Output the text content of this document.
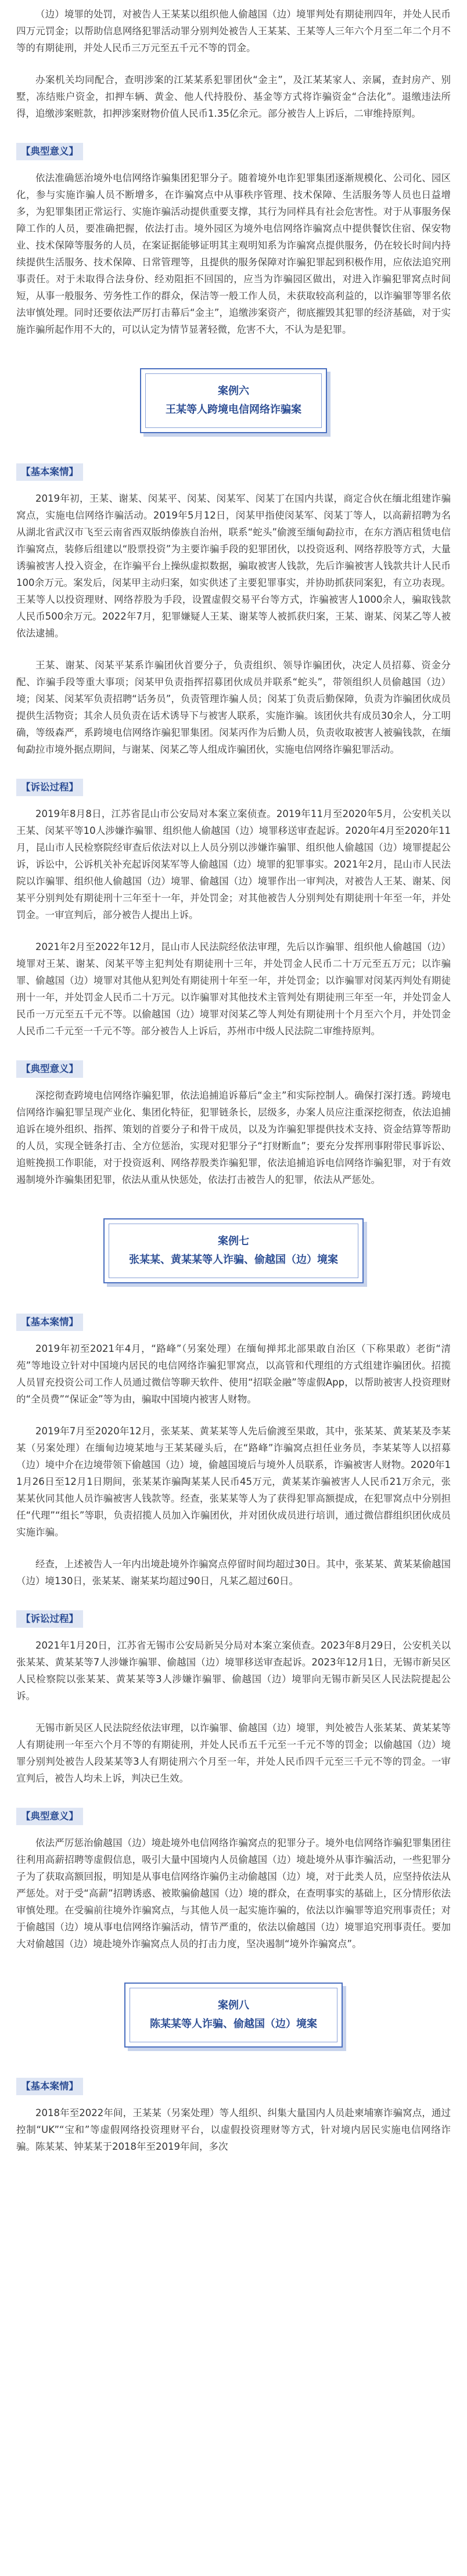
（边）境罪的处罚，对被告人王某某以组织他人偷越国（边）境罪判处有期徒刑四年，并处人民币四万元罚金；以帮助信息网络犯罪活动罪分别判处被告人王某某、王某等人三年六个月至二年二个月不等的有期徒刑，并处人民币三万元至五千元不等的罚金。

办案机关均同配合，查明涉案的江某某系犯罪团伙“金主”，及江某某家人、亲属，查封房产、别墅，冻结账户资金，扣押车辆、黄金、他人代持股份、基金等方式将诈骗资金“合法化”。退缴违法所得，追缴涉案赃款，扣押涉案财物价值人民币1.35亿余元。部分被告人上诉后，二审维持原判。

【典型意义】

依法准确惩治境外电信网络诈骗集团犯罪分子。随着境外电诈犯罪集团逐渐规模化、公司化、园区化，参与实施诈骗人员不断增多，在诈骗窝点中从事秩序管理、技术保障、生活服务等人员也日益增多，为犯罪集团正常运行、实施诈骗活动提供重要支撑，其行为同样具有社会危害性。对于从事服务保障工作的人员，要准确把握，依法打击。境外园区为境外电信网络诈骗窝点中提供餐饮住宿、保安物业、技术保障等服务的人员，在案证据能够证明其主观明知系为诈骗窝点提供服务，仍在较长时间内持续提供生活服务、技术保障、日常管理等，且提供的服务保障对诈骗犯罪起到积极作用，应依法追究刑事责任。对于未取得合法身份、经劝阻拒不回国的，应当为诈骗园区做出，对进入诈骗犯罪窝点时间短，从事一般服务、劳务性工作的群众，保洁等一般工作人员，未获取较高利益的，以诈骗罪等罪名依法审慎处理。同时还要依法严厉打击幕后“金主”，追缴涉案资产，彻底摧毁其犯罪的经济基础，对于实施诈骗所起作用不大的，可以认定为情节显著轻微，危害不大，不认为是犯罪。

案例六
王某等人跨境电信网络诈骗案
【基本案情】

2019年初，王某、谢某、闵某平、闵某、闵某军、闵某丁在国内共谋，商定合伙在缅北组建诈骗窝点，实施电信网络诈骗活动。2019年5月12日，闵某甲指使闵某军、闵某丁等人，以高薪招聘为名从湖北省武汉市飞至云南省西双版纳傣族自治州，联系“蛇头”偷渡至缅甸勐拉市，在东方酒店租赁电信诈骗窝点，装修后组建以“股票投资”为主要诈骗手段的犯罪团伙，以投资返利、网络荐股等方式，大量诱骗被害人投入资金，在诈骗平台上操纵虚拟数据，骗取被害人钱款，先后诈骗被害人钱款共计人民币100余万元。案发后，闵某甲主动归案，如实供述了主要犯罪事实，并协助抓获同案犯，有立功表现。王某等人以投资理财、网络荐股为手段，设置虚假交易平台等方式，诈骗被害人1000余人，骗取钱款人民币500余万元。2022年7月，犯罪嫌疑人王某、谢某等人被抓获归案，王某、谢某、闵某乙等人被依法逮捕。

王某、谢某、闵某平某系诈骗团伙首要分子，负责组织、领导诈骗团伙，决定人员招募、资金分配、诈骗手段等重大事项；闵某甲负责指挥招募团伙成员并联系“蛇头”，带领组织人员偷越国（边）境；闵某、闵某军负责招聘“话务员”，负责管理诈骗人员；闵某丁负责后勤保障，负责为诈骗团伙成员提供生活物资；其余人员负责在话术诱导下与被害人联系，实施诈骗。该团伙共有成员30余人，分工明确，等级森严，系跨境电信网络诈骗犯罪集团。闵某丙作为后勤人员，负责收取被害人被骗钱款，在缅甸勐拉市境外据点期间，与谢某、闵某乙等人组成诈骗团伙，实施电信网络诈骗犯罪活动。

【诉讼过程】

2019年8月8日，江苏省昆山市公安局对本案立案侦查。2019年11月至2020年5月，公安机关以王某、闵某平等10人涉嫌诈骗罪、组织他人偷越国（边）境罪移送审查起诉。2020年4月至2020年11月，昆山市人民检察院经审查后依法对以上人员分别以涉嫌诈骗罪、组织他人偷越国（边）境罪提起公诉，诉讼中，公诉机关补充起诉闵某军等人偷越国（边）境罪的犯罪事实。2021年2月，昆山市人民法院以诈骗罪、组织他人偷越国（边）境罪、偷越国（边）境罪作出一审判决，对被告人王某、谢某、闵某平分别判处有期徒刑十三年至十一年，并处罚金；对其他被告人分别判处有期徒刑十年至一年，并处罚金。一审宣判后，部分被告人提出上诉。

2021年2月至2022年12月，昆山市人民法院经依法审理，先后以诈骗罪、组织他人偷越国（边）境罪对王某、谢某、闵某平等主犯判处有期徒刑十三年，并处罚金人民币二十万元至五万元；以诈骗罪、偷越国（边）境罪对其他从犯判处有期徒刑十年至一年，并处罚金；以诈骗罪对闵某丙判处有期徒刑十一年，并处罚金人民币二十万元。以诈骗罪对其他技术主管判处有期徒刑三年至一年，并处罚金人民币一万元至五千元不等。以偷越国（边）境罪对闵某乙等人判处有期徒刑十个月至六个月，并处罚金人民币二千元至一千元不等。部分被告人上诉后，苏州市中级人民法院二审维持原判。

【典型意义】

深挖彻查跨境电信网络诈骗犯罪，依法追捕追诉幕后“金主”和实际控制人。确保打深打透。跨境电信网络诈骗犯罪呈现产业化、集团化特征，犯罪链条长，层级多，办案人员应注重深挖彻查，依法追捕追诉在境外组织、指挥、策划的首要分子和骨干成员，以及为诈骗犯罪提供技术支持、资金结算等帮助的人员，实现全链条打击、全方位惩治，实现对犯罪分子“打财断血”；要充分发挥刑事附带民事诉讼、追赃挽损工作职能，对于投资返利、网络荐股类诈骗犯罪，依法追捕追诉电信网络诈骗犯罪，对于有效遏制境外诈骗集团犯罪，依法从重从快惩处，依法打击被告人的犯罪，依法从严惩处。

案例七
张某某、黄某某等人诈骗、偷越国（边）境案
【基本案情】

2019年初至2021年4月，“路峰”（另案处理）在缅甸掸邦北部果敢自治区（下称果敢）老街“清苑”等地设立针对中国境内居民的电信网络诈骗犯罪窝点，以高管和代理组的方式组建诈骗团伙。招揽人员冒充投资公司工作人员通过微信等聊天软件、使用“招联金融”等虚假App，以帮助被害人投资理财的“全员费”“保证金”等为由，骗取中国境内被害人财物。

2019年7月至2020年12月，张某某、黄某某等人先后偷渡至果敢，其中，张某某、黄某某及李某某（另案处理）在缅甸边境某地与王某某碰头后，在“路峰”诈骗窝点担任业务员，李某某等人以招募（边）境中介在边境带领下偷越国（边）境，偷越国境后与境外人员联系，诈骗被害人财物。2020年11月26日至12月1日期间，张某某诈骗陶某某人民币45万元，黄某某诈骗被害人人民币21万余元，张某某伙同其他人员诈骗被害人钱款等。经查，张某某等人为了获得犯罪高额提成，在犯罪窝点中分别担任“代理”“组长”等职，负责招揽人员加入诈骗团伙，并对团伙成员进行培训，通过微信群组织团伙成员实施诈骗。

经查，上述被告人一年内出境赴境外诈骗窝点停留时间均超过30日。其中，张某某、黄某某偷越国（边）境130日，张某某、谢某某均超过90日，凡某乙超过60日。

【诉讼过程】

2021年1月20日，江苏省无锡市公安局新吴分局对本案立案侦查。2023年8月29日，公安机关以张某某、黄某某等7人涉嫌诈骗罪、偷越国（边）境罪移送审查起诉。2023年12月1日，无锡市新吴区人民检察院以张某某、黄某某等3人涉嫌诈骗罪、偷越国（边）境罪向无锡市新吴区人民法院提起公诉。

无锡市新吴区人民法院经依法审理，以诈骗罪、偷越国（边）境罪，判处被告人张某某、黄某某等人有期徒刑一年至六个月不等的有期徒刑，并处人民币五千元至一千元不等的罚金；以偷越国（边）境罪分别判处被告人段某某等3人有期徒刑六个月至一年，并处人民币四千元至三千元不等的罚金。一审宣判后，被告人均未上诉，判决已生效。

【典型意义】

依法严厉惩治偷越国（边）境赴境外电信网络诈骗窝点的犯罪分子。境外电信网络诈骗犯罪集团往往利用高薪招聘等虚假信息，吸引大量中国境内人员偷越国（边）境赴境外从事诈骗活动，一些犯罪分子为了获取高额回报，明知是从事电信网络诈骗仍主动偷越国（边）境，对于此类人员，应坚持依法从严惩处。对于受“高薪”招聘诱惑、被欺骗偷越国（边）境的群众，在查明事实的基础上，区分情形依法审慎处理。在受骗前往境外诈骗窝点，与其他人员一起实施诈骗的，依法以诈骗罪等追究刑事责任；对于偷越国（边）境从事电信网络诈骗活动，情节严重的，依法以偷越国（边）境罪追究刑事责任。要加大对偷越国（边）境赴境外诈骗窝点人员的打击力度，坚决遏制“境外诈骗窝点”。

案例八
陈某某等人诈骗、偷越国（边）境案
【基本案情】

2018年至2022年间，王某某（另案处理）等人组织、纠集大量国内人员赴柬埔寨诈骗窝点，通过控制“UK”“宝和”等虚假网络投资理财平台，以虚假投资理财等方式，针对境内居民实施电信网络诈骗。陈某某、钟某某于2018年至2019年间，多次
